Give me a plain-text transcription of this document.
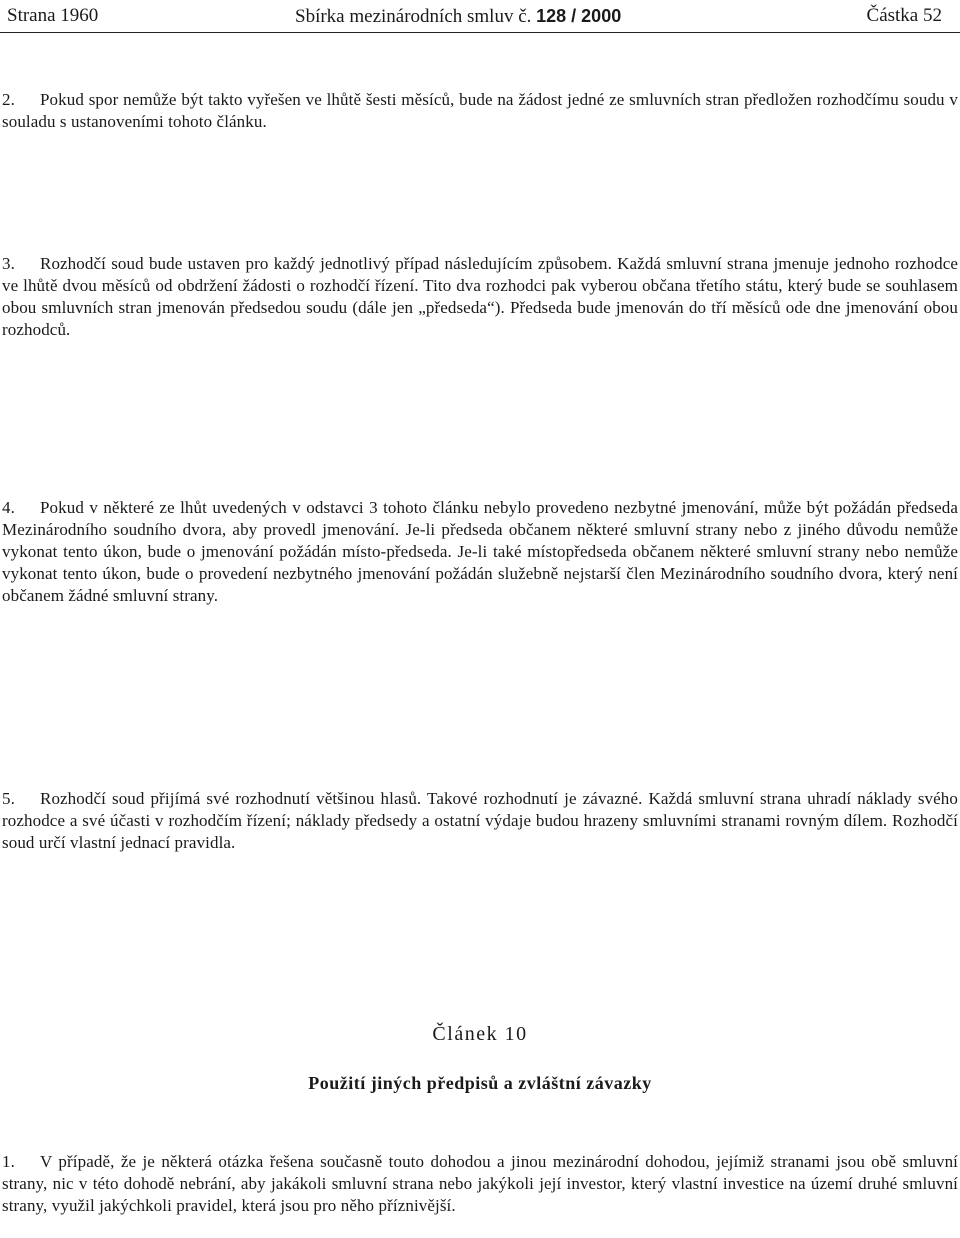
Strana 1960	Sbírka mezinárodních smluv č. 128 / 2000	Částka 52
2. Pokud spor nemůže být takto vyřešen ve lhůtě šesti měsíců, bude na žádost jedné ze smluvních stran předložen rozhodčímu soudu v souladu s ustanoveními tohoto článku.
3. Rozhodčí soud bude ustaven pro každý jednotlivý případ následujícím způsobem. Každá smluvní strana jmenuje jednoho rozhodce ve lhůtě dvou měsíců od obdržení žádosti o rozhodčí řízení. Tito dva rozhodci pak vyberou občana třetího státu, který bude se souhlasem obou smluvních stran jmenován předsedou soudu (dále jen „předseda“). Předseda bude jmenován do tří měsíců ode dne jmenování obou rozhodců.
4. Pokud v některé ze lhůt uvedených v odstavci 3 tohoto článku nebylo provedeno nezbytné jmenování, může být požádán předseda Mezinárodního soudního dvora, aby provedl jmenování. Je-li předseda občanem některé smluvní strany nebo z jiného důvodu nemůže vykonat tento úkon, bude o jmenování požádán místo-předseda. Je-li také místopředseda občanem některé smluvní strany nebo nemůže vykonat tento úkon, bude o provedení nezbytného jmenování požádán služebně nejstarší člen Mezinárodního soudního dvora, který není občanem žádné smluvní strany.
5. Rozhodčí soud přijímá své rozhodnutí většinou hlasů. Takové rozhodnutí je závazné. Každá smluvní strana uhradí náklady svého rozhodce a své účasti v rozhodčím řízení; náklady předsedy a ostatní výdaje budou hrazeny smluvními stranami rovným dílem. Rozhodčí soud určí vlastní jednací pravidla.
Článek 10
Použití jiných předpisů a zvláštní závazky
1. V případě, že je některá otázka řešena současně touto dohodou a jinou mezinárodní dohodou, jejímiž stranami jsou obě smluvní strany, nic v této dohodě nebrání, aby jakákoli smluvní strana nebo jakýkoli její investor, který vlastní investice na území druhé smluvní strany, využil jakýchkoli pravidel, která jsou pro něho příznivější.
